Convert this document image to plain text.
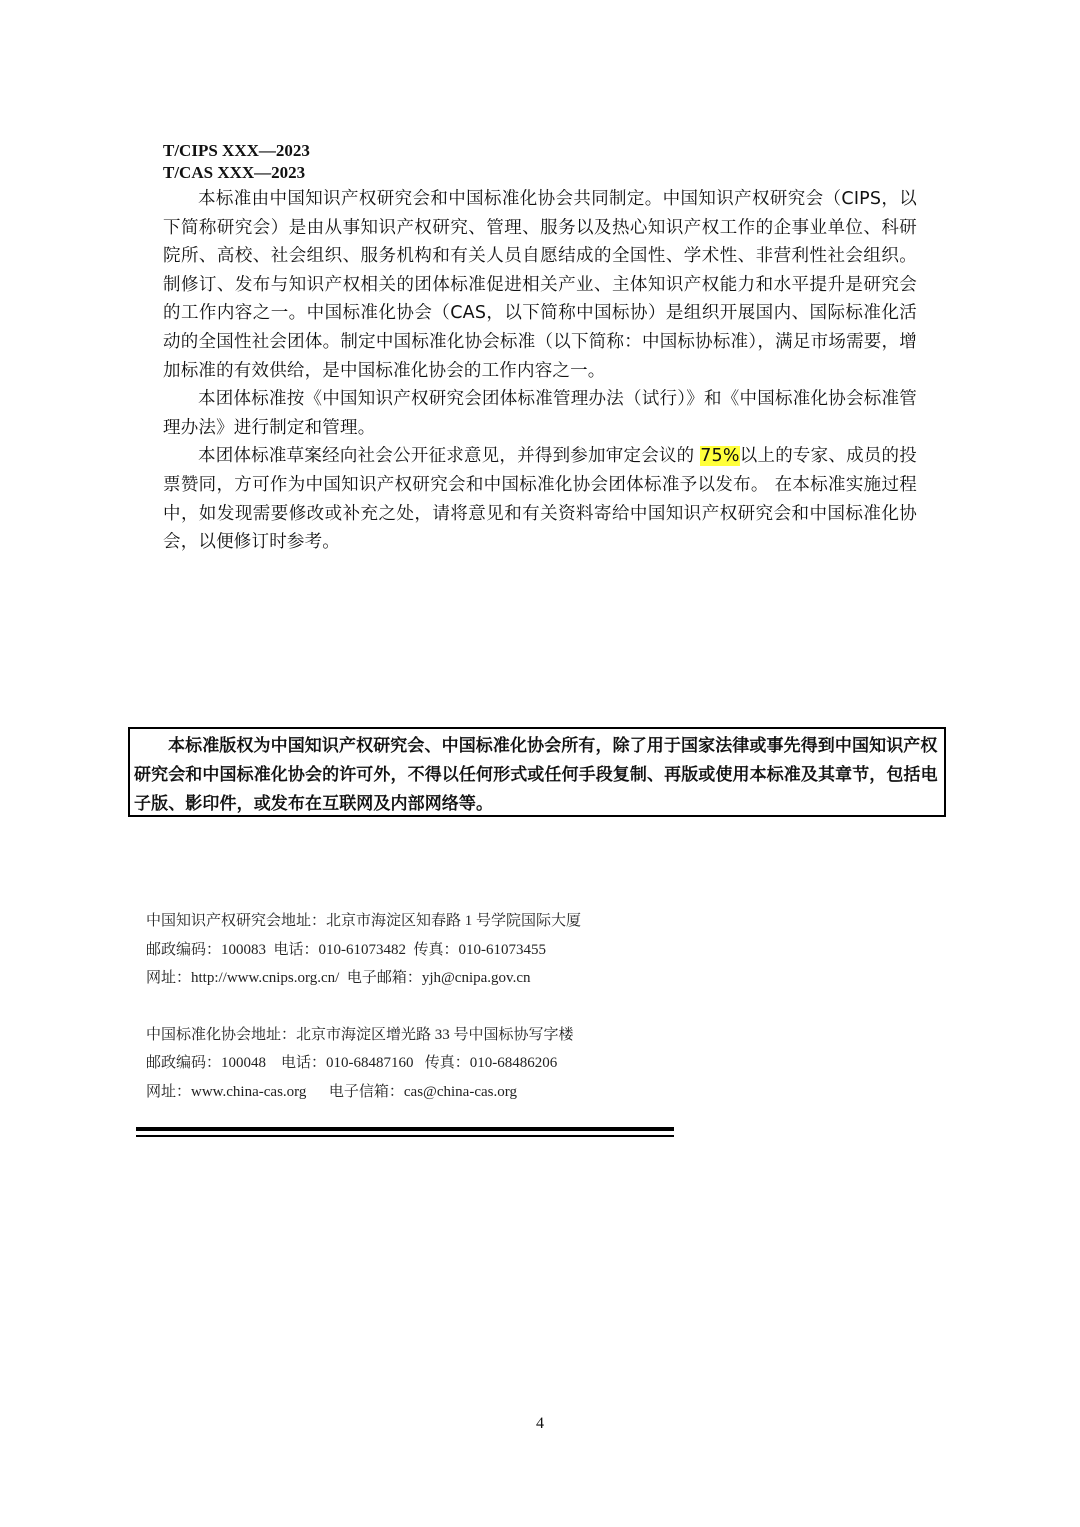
T/CIPS XXX—2023
T/CAS XXX—2023

本标准由中国知识产权研究会和中国标准化协会共同制定。中国知识产权研究会（CIPS，以下简称研究会）是由从事知识产权研究、管理、服务以及热心知识产权工作的企事业单位、科研院所、高校、社会组织、服务机构和有关人员自愿结成的全国性、学术性、非营利性社会组织。制修订、发布与知识产权相关的团体标准促进相关产业、主体知识产权能力和水平提升是研究会的工作内容之一。中国标准化协会（CAS，以下简称中国标协）是组织开展国内、国际标准化活动的全国性社会团体。制定中国标准化协会标准（以下简称：中国标协标准），满足市场需要，增加标准的有效供给，是中国标准化协会的工作内容之一。

本团体标准按《中国知识产权研究会团体标准管理办法（试行）》和《中国标准化协会标准管 理办法》进行制定和管理。

本团体标准草案经向社会公开征求意见，并得到参加审定会议的 75%以上的专家、成员的投票赞同，方可作为中国知识产权研究会和中国标准化协会团体标准予以发布。 在本标准实施过程中，如发现需要修改或补充之处，请将意见和有关资料寄给中国知识产权研究会和中国标准化协会，以便修订时参考。

本标准版权为中国知识产权研究会、中国标准化协会所有，除了用于国家法律或事先得到中国知识产权研究会和中国标准化协会的许可外，不得以任何形式或任何手段复制、再版或使用本标准及其章节，包括电子版、影印件，或发布在互联网及内部网络等。
中国知识产权研究会地址：北京市海淀区知春路 1 号学院国际大厦
邮政编码：100083  电话：010-61073482  传真：010-61073455
网址：http://www.cnips.org.cn/  电子邮箱：yjh@cnipa.gov.cn
中国标准化协会地址：北京市海淀区增光路 33 号中国标协写字楼
邮政编码：100048    电话：010-68487160   传真：010-68486206
网址：www.china-cas.org      电子信箱：cas@china-cas.org
4
